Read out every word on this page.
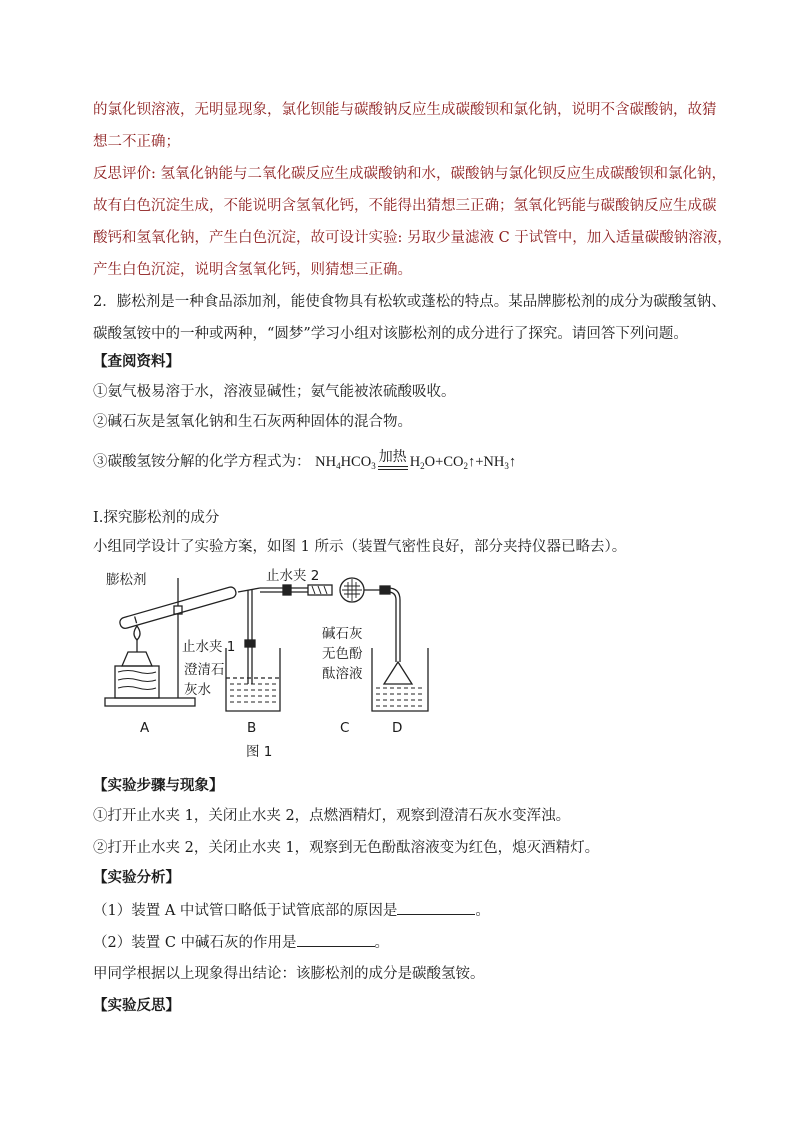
的氯化钡溶液，无明显现象，氯化钡能与碳酸钠反应生成碳酸钡和氯化钠，说明不含碳酸钠，故猜
想二不正确；
反思评价: 氢氧化钠能与二氧化碳反应生成碳酸钠和水，碳酸钠与氯化钡反应生成碳酸钡和氯化钠，
故有白色沉淀生成，不能说明含氢氧化钙，不能得出猜想三正确；氢氧化钙能与碳酸钠反应生成碳
酸钙和氢氧化钠，产生白色沉淀，故可设计实验: 另取少量滤液 C 于试管中，加入适量碳酸钠溶液，
产生白色沉淀，说明含氢氧化钙，则猜想三正确。
2．膨松剂是一种食品添加剂，能使食物具有松软或蓬松的特点。某品牌膨松剂的成分为碳酸氢钠、
碳酸氢铵中的一种或两种，“圆梦”学习小组对该膨松剂的成分进行了探究。请回答下列问题。
【查阅资料】
①氨气极易溶于水，溶液显碱性；氨气能被浓硫酸吸收。
②碱石灰是氢氧化钠和生石灰两种固体的混合物。
③碳酸氢铵分解的化学方程式为： $NH_4HCO_3$
加热 $H_2O+CO_2↑+NH_3↑$
Ⅰ.探究膨松剂的成分
小组同学设计了实验方案，如图 1 所示（装置气密性良好，部分夹持仪器已略去）。
膨松剂	止水夹 2
止水夹 1
澄清石
灰水
碱石灰
无色酚
酞溶液
A	B	C	D
图 1
【实验步骤与现象】
①打开止水夹 1，关闭止水夹 2，点燃酒精灯，观察到澄清石灰水变浑浊。
②打开止水夹 2，关闭止水夹 1，观察到无色酚酞溶液变为红色，熄灭酒精灯。
【实验分析】
（1）装置 A 中试管口略低于试管底部的原因是	。
（2）装置 C 中碱石灰的作用是	。
甲同学根据以上现象得出结论：该膨松剂的成分是碳酸氢铵。
【实验反思】
